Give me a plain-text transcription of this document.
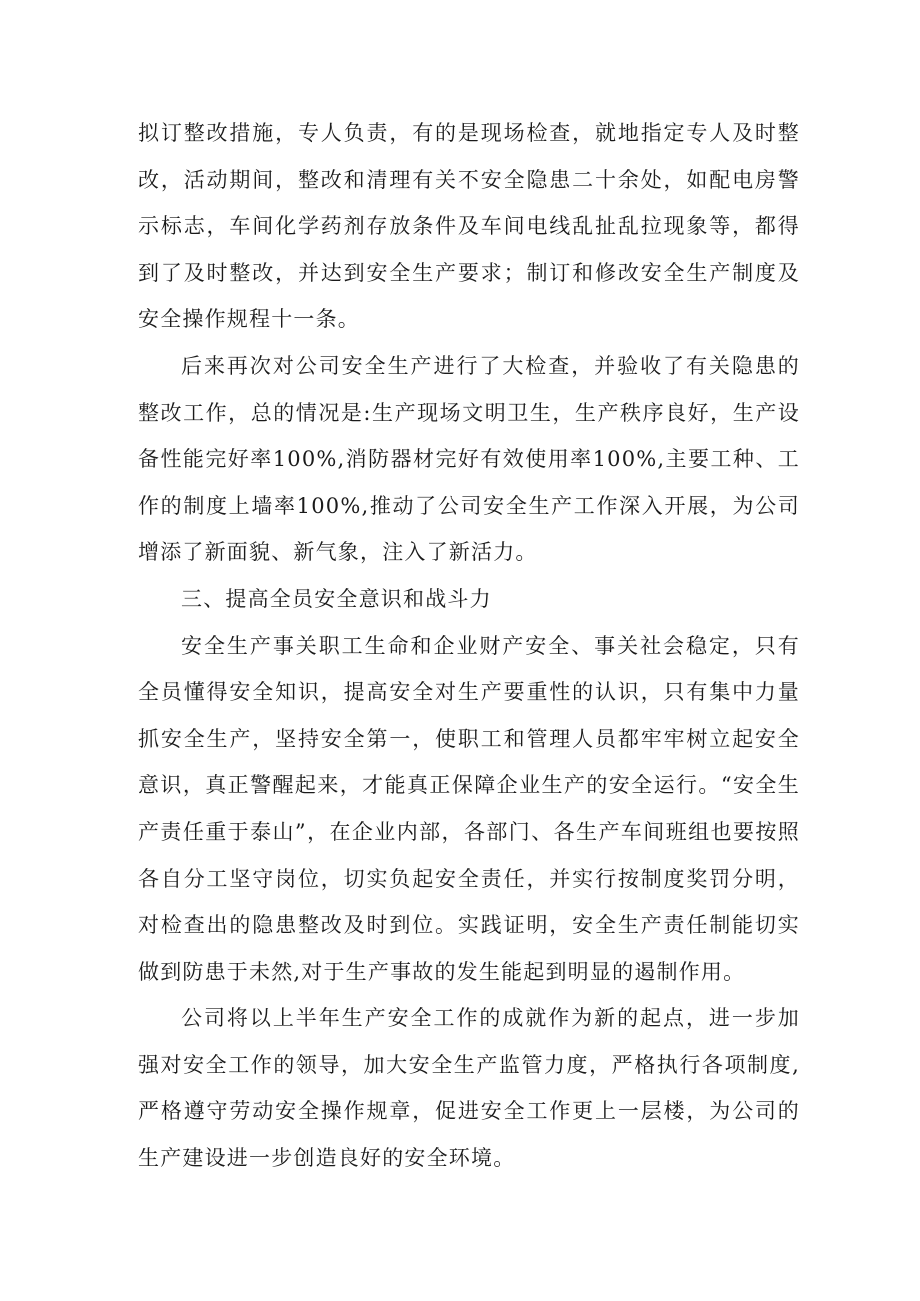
拟订整改措施，专人负责，有的是现场检查，就地指定专人及时整改，活动期间，整改和清理有关不安全隐患二十余处，如配电房警示标志，车间化学药剂存放条件及车间电线乱扯乱拉现象等，都得到了及时整改，并达到安全生产要求；制订和修改安全生产制度及安全操作规程十一条。

后来再次对公司安全生产进行了大检查，并验收了有关隐患的整改工作，总的情况是:生产现场文明卫生，生产秩序良好，生产设备性能完好率100%,消防器材完好有效使用率100%,主要工种、工作的制度上墙率100%,推动了公司安全生产工作深入开展，为公司增添了新面貌、新气象，注入了新活力。

三、提高全员安全意识和战斗力

安全生产事关职工生命和企业财产安全、事关社会稳定，只有全员懂得安全知识，提高安全对生产要重性的认识，只有集中力量抓安全生产，坚持安全第一，使职工和管理人员都牢牢树立起安全意识，真正警醒起来，才能真正保障企业生产的安全运行。“安全生产责任重于泰山”，在企业内部，各部门、各生产车间班组也要按照各自分工坚守岗位，切实负起安全责任，并实行按制度奖罚分明，对检查出的隐患整改及时到位。实践证明，安全生产责任制能切实做到防患于未然,对于生产事故的发生能起到明显的遏制作用。

公司将以上半年生产安全工作的成就作为新的起点，进一步加强对安全工作的领导，加大安全生产监管力度，严格执行各项制度,严格遵守劳动安全操作规章，促进安全工作更上一层楼，为公司的生产建设进一步创造良好的安全环境。
